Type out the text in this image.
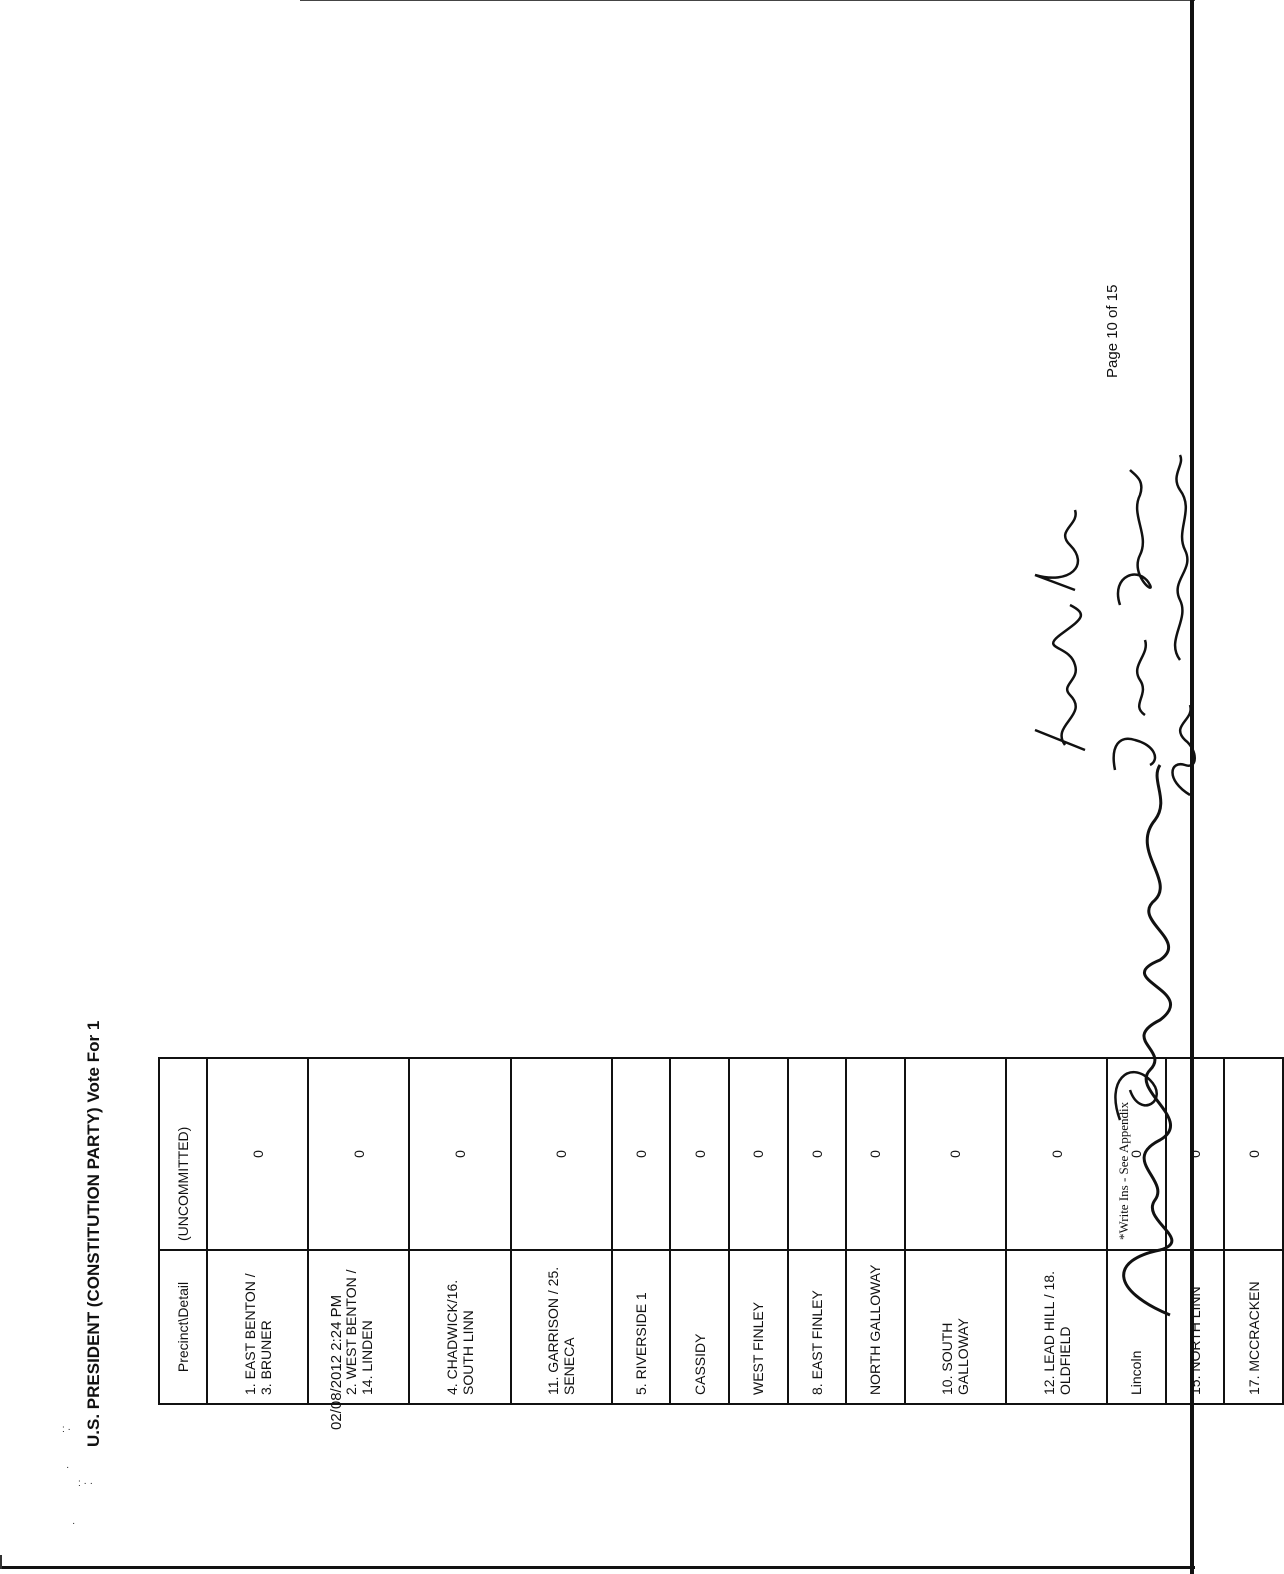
: ·
·
: · ·
·
U.S. PRESIDENT (CONSTITUTION PARTY) Vote For 1	Precinct\Detail	(UNCOMMITTED)

1. EAST BENTON / 3. BRUNER	0

2. WEST BENTON / 14. LINDEN	0

4. CHADWICK/16. SOUTH LINN	0

11. GARRISON / 25. SENECA	0

5. RIVERSIDE 1	0

CASSIDY	0

WEST FINLEY	0

8. EAST FINLEY	0

NORTH GALLOWAY	0

10. SOUTH GALLOWAY	0

12. LEAD HILL / 18. OLDFIELD	0

Lincoln	0

15. NORTH LINN	0

17. MCCRACKEN	0
02/08/2012 2:24 PM
*Write Ins - See Appendix
Page 10 of 15
